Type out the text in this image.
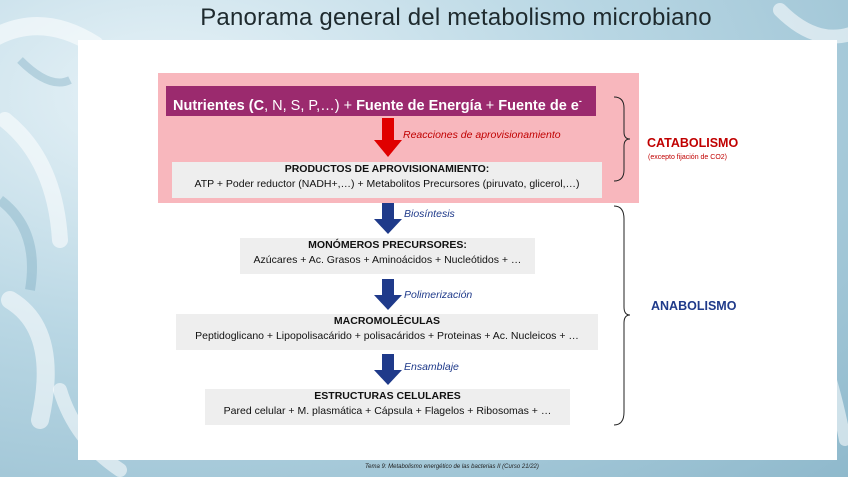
Panorama general del metabolismo microbiano
Nutrientes (C, N, S, P,…) + Fuente de Energía + Fuente de e-
Reacciones de aprovisionamiento
PRODUCTOS DE APROVISIONAMIENTO:
ATP + Poder reductor (NADH+,…) + Metabolitos Precursores (piruvato, glicerol,…)
Biosíntesis
MONÓMEROS PRECURSORES:
Azúcares + Ac. Grasos + Aminoácidos + Nucleótidos + …
Polimerización
MACROMOLÉCULAS
Peptidoglicano + Lipopolisacárido + polisacáridos + Proteinas + Ac. Nucleicos + …
Ensamblaje
ESTRUCTURAS CELULARES
Pared celular + M. plasmática + Cápsula + Flagelos + Ribosomas + …
CATABOLISMO
(excepto fijación de CO2)
ANABOLISMO
Tema 9: Metabolismo energético de las bacterias II (Curso 21/22)
